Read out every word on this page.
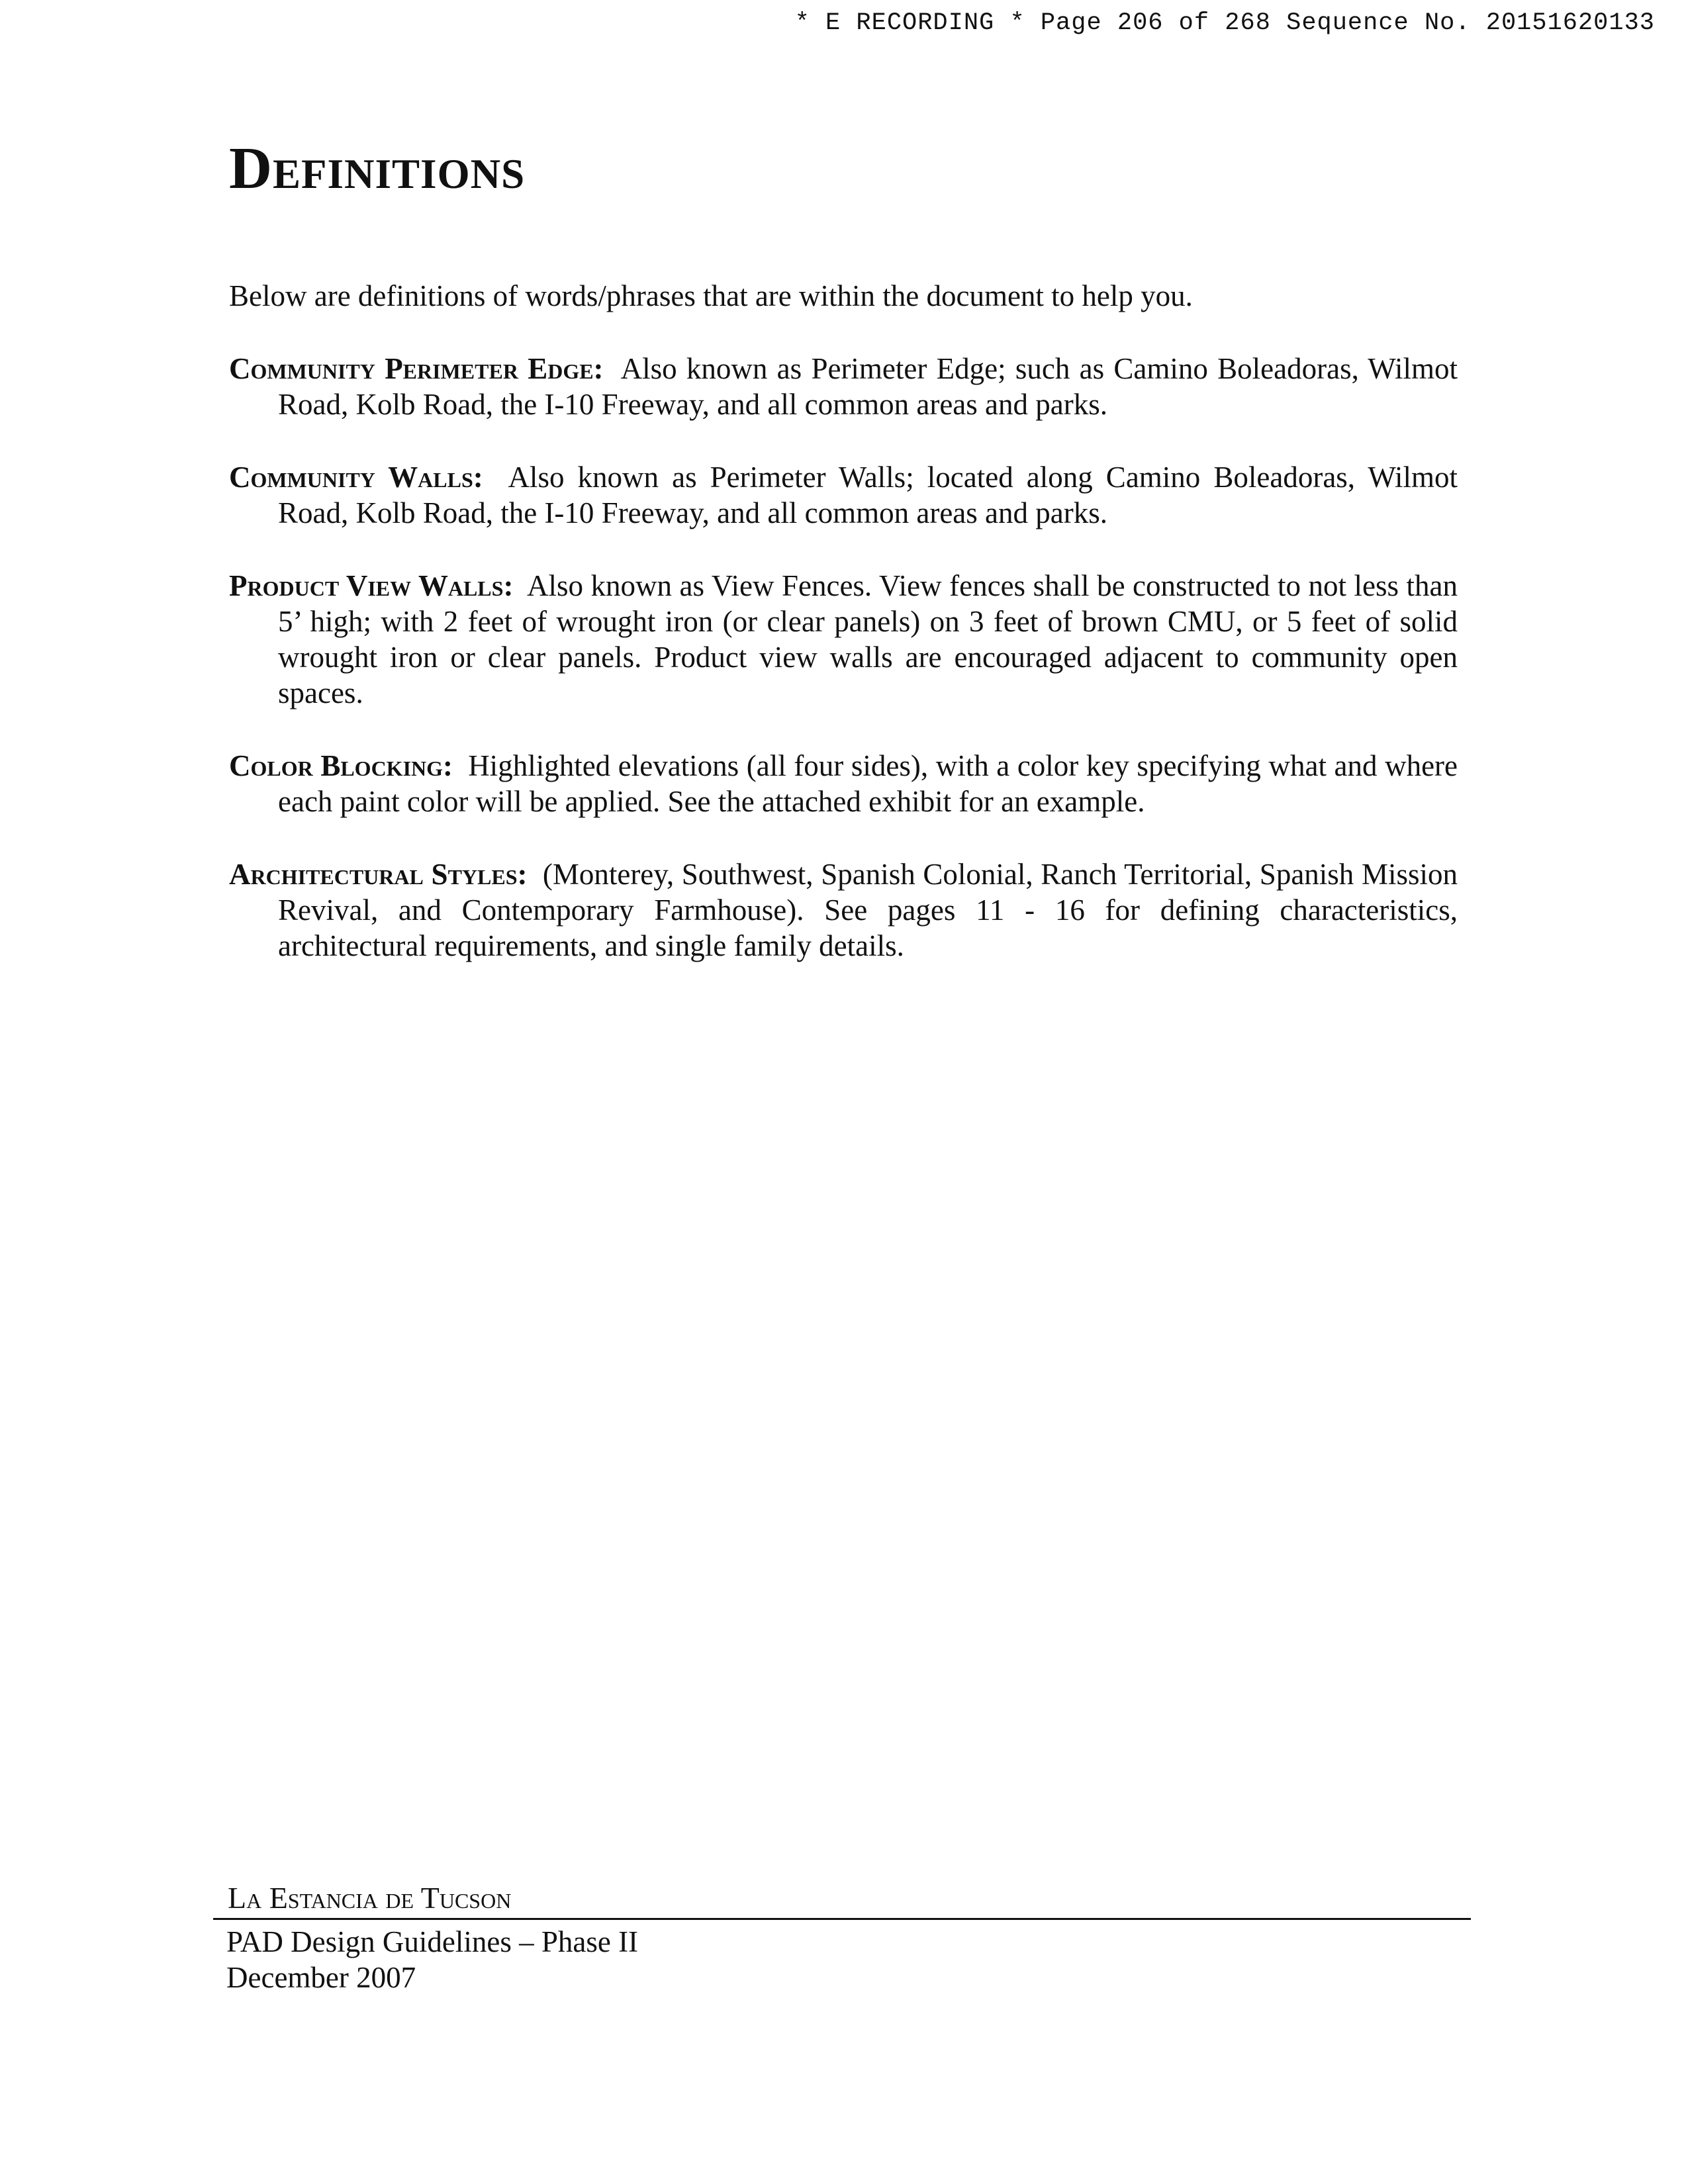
* E RECORDING * Page 206 of 268 Sequence No. 20151620133
Definitions

Below are definitions of words/phrases that are within the document to help you.

Community Perimeter Edge: Also known as Perimeter Edge; such as Camino Boleadoras, Wilmot Road, Kolb Road, the I-10 Freeway, and all common areas and parks.

Community Walls: Also known as Perimeter Walls; located along Camino Boleadoras, Wilmot Road, Kolb Road, the I-10 Freeway, and all common areas and parks.

Product View Walls: Also known as View Fences. View fences shall be constructed to not less than 5’ high; with 2 feet of wrought iron (or clear panels) on 3 feet of brown CMU, or 5 feet of solid wrought iron or clear panels. Product view walls are encouraged adjacent to community open spaces.

Color Blocking: Highlighted elevations (all four sides), with a color key specifying what and where each paint color will be applied. See the attached exhibit for an example.

Architectural Styles: (Monterey, Southwest, Spanish Colonial, Ranch Territorial, Spanish Mission Revival, and Contemporary Farmhouse). See pages 11 - 16 for defining characteristics, architectural requirements, and single family details.

La Estancia de Tucson
PAD Design Guidelines – Phase II
December 2007
